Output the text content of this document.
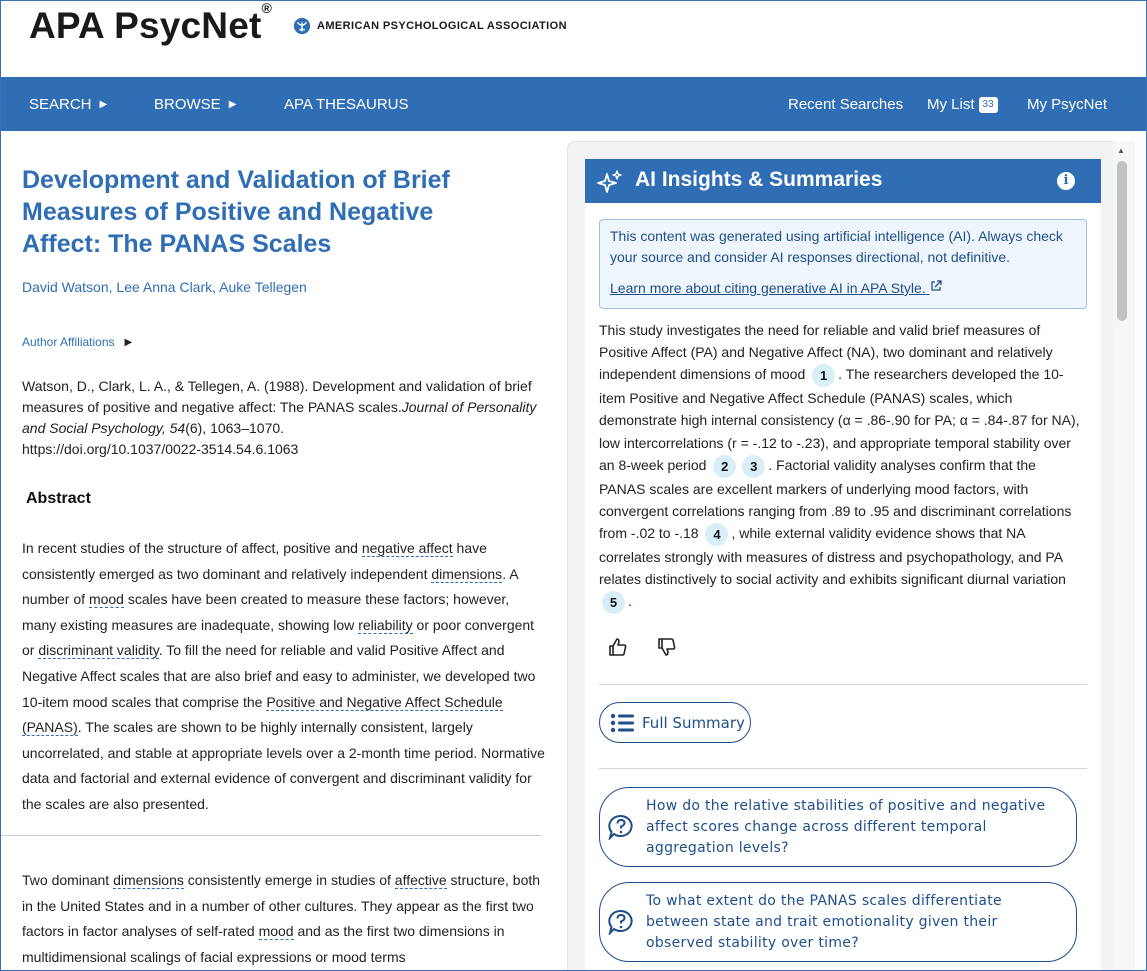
APA PsycNet®
AMERICAN PSYCHOLOGICAL ASSOCIATION
SEARCH ▶	BROWSE ▶	APA THESAURUS	Recent Searches My List 33 My PsycNet
Development and Validation of Brief Measures of Positive and Negative Affect: The PANAS Scales
David Watson, Lee Anna Clark, Auke Tellegen
Author Affiliations ▶
Watson, D., Clark, L. A., & Tellegen, A. (1988). Development and validation of brief measures of positive and negative affect: The PANAS scales.Journal of Personality and Social Psychology, 54(6), 1063–1070.
https://doi.org/10.1037/0022-3514.54.6.1063
Abstract
In recent studies of the structure of affect, positive and negative affect have consistently emerged as two dominant and relatively independent dimensions. A number of mood scales have been created to measure these factors; however, many existing measures are inadequate, showing low reliability or poor convergent or discriminant validity. To fill the need for reliable and valid Positive Affect and Negative Affect scales that are also brief and easy to administer, we developed two 10-item mood scales that comprise the Positive and Negative Affect Schedule (PANAS). The scales are shown to be highly internally consistent, largely uncorrelated, and stable at appropriate levels over a 2-month time period. Normative data and factorial and external evidence of convergent and discriminant validity for the scales are also presented.
Two dominant dimensions consistently emerge in studies of affective structure, both in the United States and in a number of other cultures. They appear as the first two factors in factor analyses of self-rated mood and as the first two dimensions in multidimensional scalings of facial expressions or mood terms
AI Insights & Summaries	i
This content was generated using artificial intelligence (AI). Always check your source and consider AI responses directional, not definitive.
Learn more about citing generative AI in APA Style.
This study investigates the need for reliable and valid brief measures of Positive Affect (PA) and Negative Affect (NA), two dominant and relatively independent dimensions of mood 1 . The researchers developed the 10-item Positive and Negative Affect Schedule (PANAS) scales, which demonstrate high internal consistency (α = .86-.90 for PA; α = .84-.87 for NA), low intercorrelations (r = -.12 to -.23), and appropriate temporal stability over an 8-week period 2 3 . Factorial validity analyses confirm that the PANAS scales are excellent markers of underlying mood factors, with convergent correlations ranging from .89 to .95 and discriminant correlations from -.02 to -.18 4 , while external validity evidence shows that NA correlates strongly with measures of distress and psychopathology, and PA relates distinctively to social activity and exhibits significant diurnal variation 5 .
Full Summary
How do the relative stabilities of positive and negative affect scores change across different temporal aggregation levels?
To what extent do the PANAS scales differentiate between state and trait emotionality given their observed stability over time?
▲
